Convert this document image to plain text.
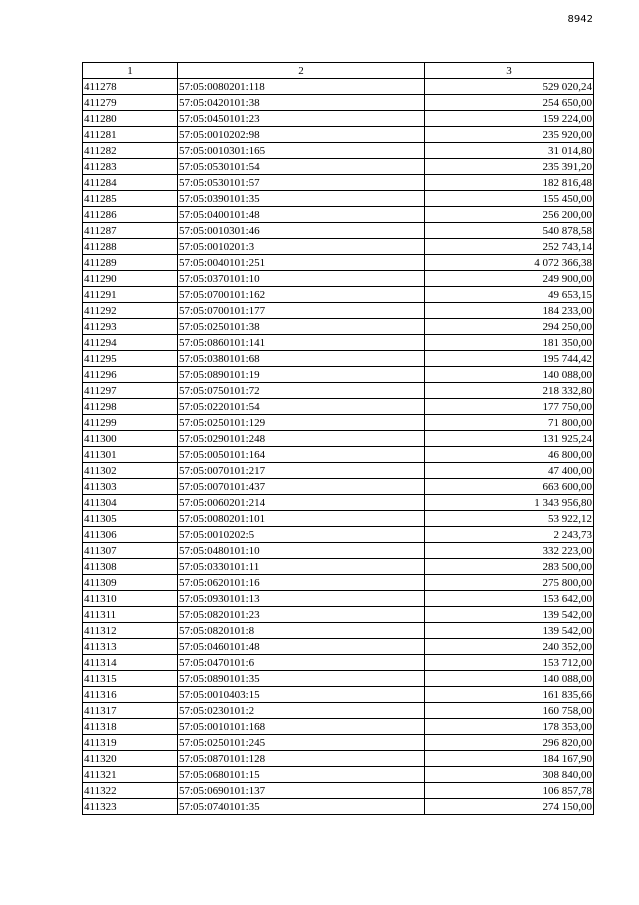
8942
1	2	3
411278	57:05:0080201:118	529 020,24
411279	57:05:0420101:38	254 650,00
411280	57:05:0450101:23	159 224,00
411281	57:05:0010202:98	235 920,00
411282	57:05:0010301:165	31 014,80
411283	57:05:0530101:54	235 391,20
411284	57:05:0530101:57	182 816,48
411285	57:05:0390101:35	155 450,00
411286	57:05:0400101:48	256 200,00
411287	57:05:0010301:46	540 878,58
411288	57:05:0010201:3	252 743,14
411289	57:05:0040101:251	4 072 366,38
411290	57:05:0370101:10	249 900,00
411291	57:05:0700101:162	49 653,15
411292	57:05:0700101:177	184 233,00
411293	57:05:0250101:38	294 250,00
411294	57:05:0860101:141	181 350,00
411295	57:05:0380101:68	195 744,42
411296	57:05:0890101:19	140 088,00
411297	57:05:0750101:72	218 332,80
411298	57:05:0220101:54	177 750,00
411299	57:05:0250101:129	71 800,00
411300	57:05:0290101:248	131 925,24
411301	57:05:0050101:164	46 800,00
411302	57:05:0070101:217	47 400,00
411303	57:05:0070101:437	663 600,00
411304	57:05:0060201:214	1 343 956,80
411305	57:05:0080201:101	53 922,12
411306	57:05:0010202:5	2 243,73
411307	57:05:0480101:10	332 223,00
411308	57:05:0330101:11	283 500,00
411309	57:05:0620101:16	275 800,00
411310	57:05:0930101:13	153 642,00
411311	57:05:0820101:23	139 542,00
411312	57:05:0820101:8	139 542,00
411313	57:05:0460101:48	240 352,00
411314	57:05:0470101:6	153 712,00
411315	57:05:0890101:35	140 088,00
411316	57:05:0010403:15	161 835,66
411317	57:05:0230101:2	160 758,00
411318	57:05:0010101:168	178 353,00
411319	57:05:0250101:245	296 820,00
411320	57:05:0870101:128	184 167,90
411321	57:05:0680101:15	308 840,00
411322	57:05:0690101:137	106 857,78
411323	57:05:0740101:35	274 150,00
